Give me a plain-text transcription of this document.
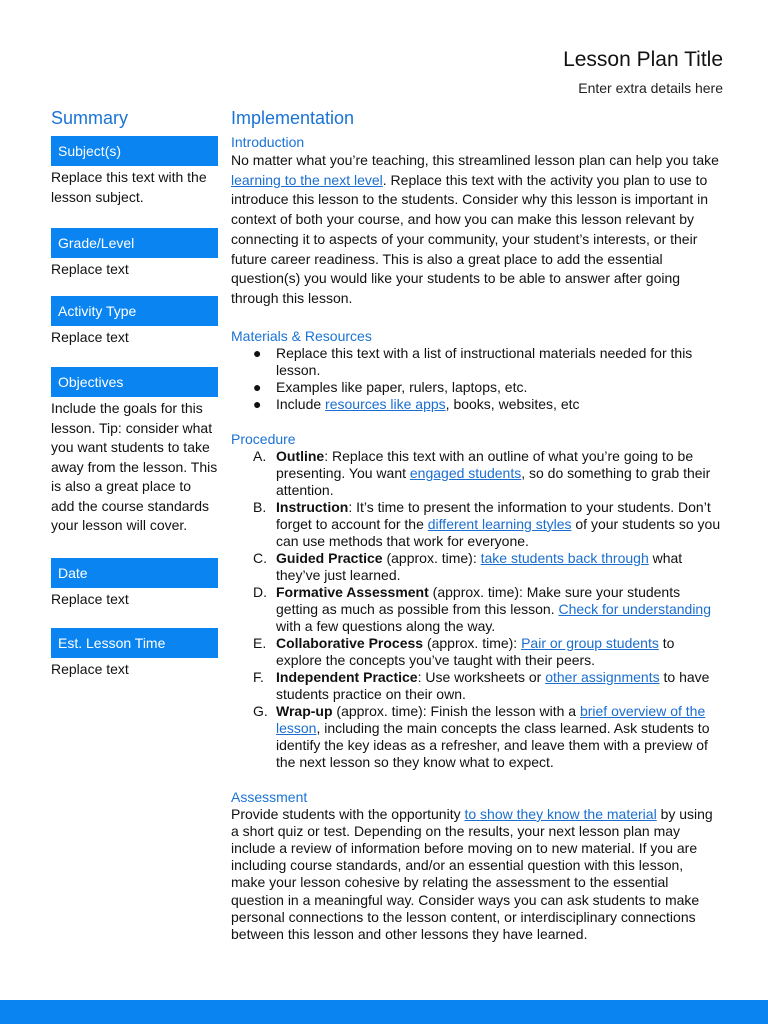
Lesson Plan Title
Enter extra details here
Summary
Subject(s)
Replace this text with the lesson subject.
Grade/Level
Replace text
Activity Type
Replace text
Objectives
Include the goals for this lesson. Tip: consider what you want students to take away from the lesson. This is also a great place to add the course standards your lesson will cover.
Date
Replace text
Est. Lesson Time
Replace text
Implementation
Introduction
No matter what you’re teaching, this streamlined lesson plan can help you take learning to the next level. Replace this text with the activity you plan to use to introduce this lesson to the students. Consider why this lesson is important in context of both your course, and how you can make this lesson relevant by connecting it to aspects of your community, your student’s interests, or their future career readiness. This is also a great place to add the essential question(s) you would like your students to be able to answer after going through this lesson.
Materials & Resources
● Replace this text with a list of instructional materials needed for this lesson.
● Examples like paper, rulers, laptops, etc.
● Include resources like apps, books, websites, etc
Procedure
A. Outline: Replace this text with an outline of what you’re going to be presenting. You want engaged students, so do something to grab their attention.
B. Instruction: It’s time to present the information to your students. Don’t forget to account for the different learning styles of your students so you can use methods that work for everyone.
C. Guided Practice (approx. time): take students back through what they’ve just learned.
D. Formative Assessment (approx. time): Make sure your students getting as much as possible from this lesson. Check for understanding with a few questions along the way.
E. Collaborative Process (approx. time): Pair or group students to explore the concepts you’ve taught with their peers.
F. Independent Practice: Use worksheets or other assignments to have students practice on their own.
G. Wrap-up (approx. time): Finish the lesson with a brief overview of the lesson, including the main concepts the class learned. Ask students to identify the key ideas as a refresher, and leave them with a preview of the next lesson so they know what to expect.
Assessment
Provide students with the opportunity to show they know the material by using a short quiz or test. Depending on the results, your next lesson plan may include a review of information before moving on to new material. If you are including course standards, and/or an essential question with this lesson, make your lesson cohesive by relating the assessment to the essential question in a meaningful way. Consider ways you can ask students to make personal connections to the lesson content, or interdisciplinary connections between this lesson and other lessons they have learned.
